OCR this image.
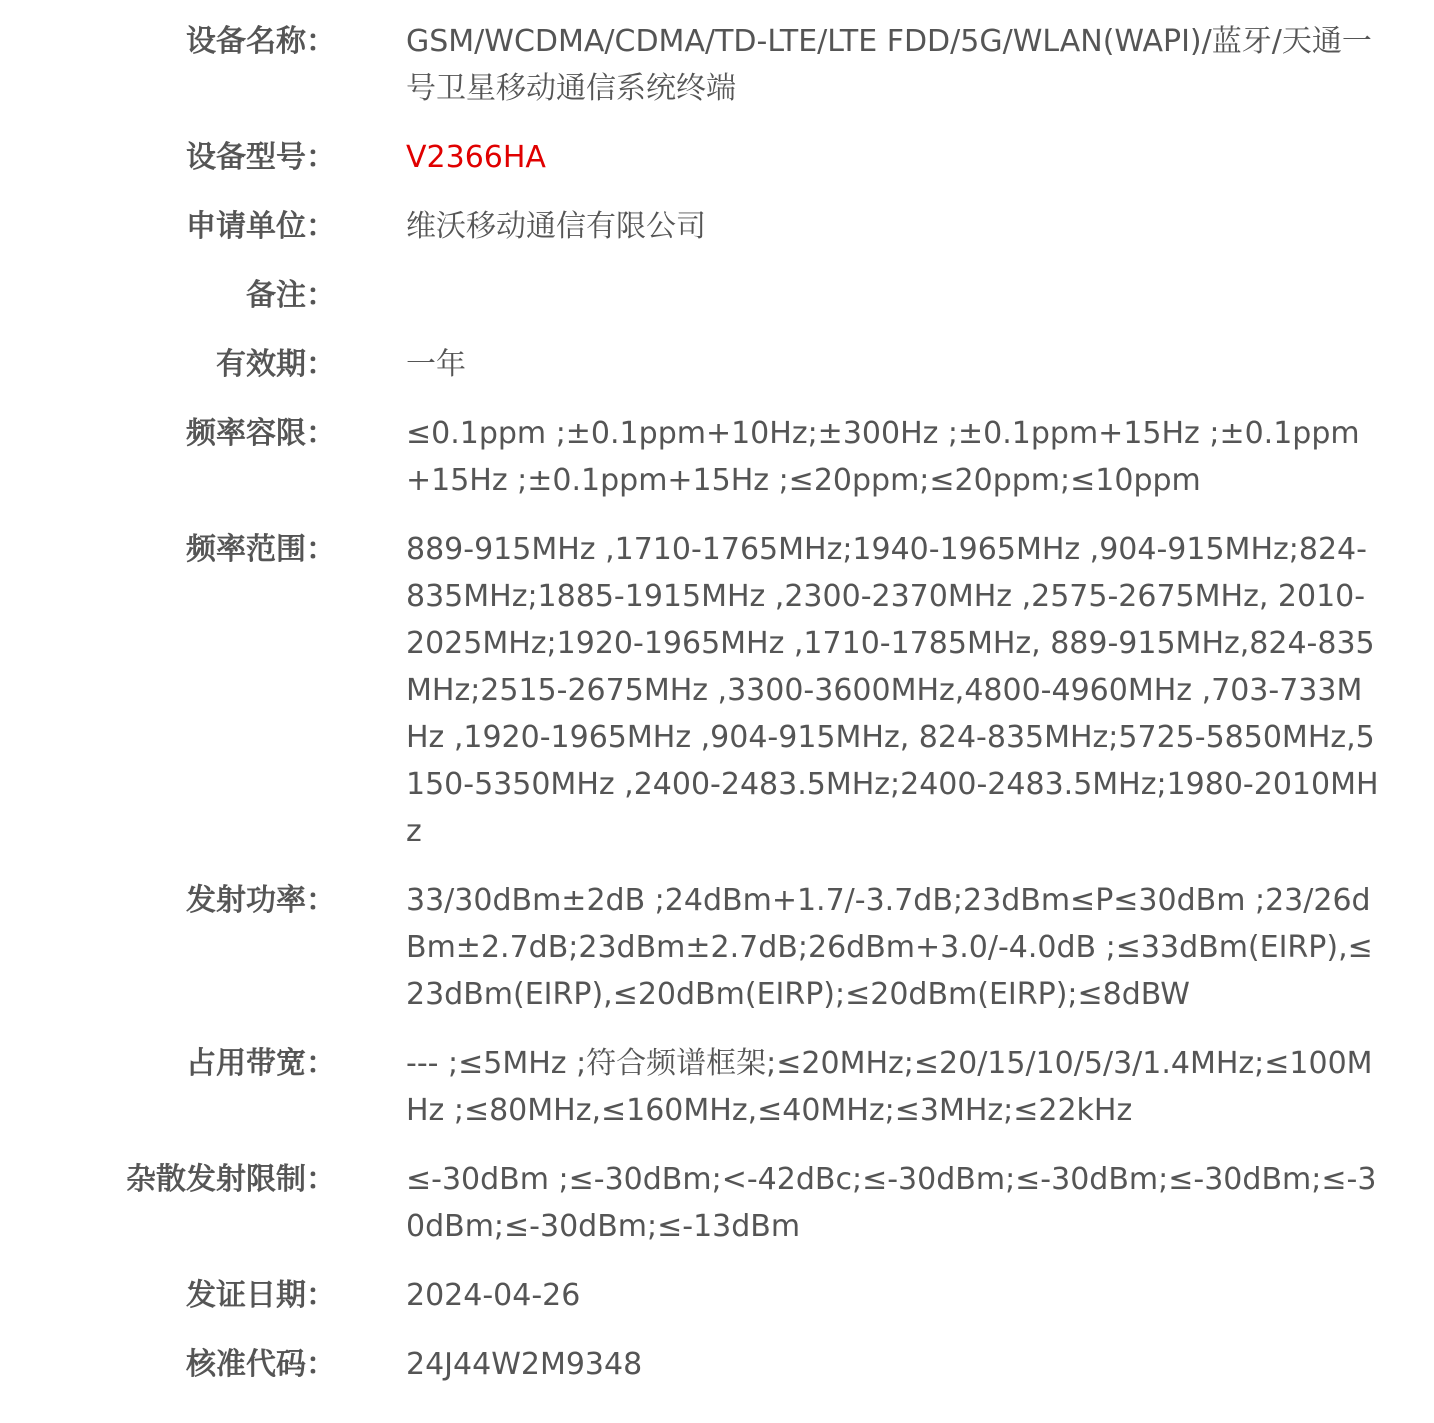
设备名称： GSM/WCDMA/CDMA/TD-LTE/LTE FDD/5G/WLAN(WAPI)/蓝牙/天通一号卫星移动通信系统终端
设备型号： V2366HA
申请单位： 维沃移动通信有限公司
备注：
有效期： 一年
频率容限： ≤0.1ppm ;±0.1ppm+10Hz;±300Hz ;±0.1ppm+15Hz ;±0.1ppm+15Hz ;±0.1ppm+15Hz ;≤20ppm;≤20ppm;≤10ppm
频率范围： 889-915MHz ,1710-1765MHz;1940-1965MHz ,904-915MHz;824-835MHz;1885-1915MHz ,2300-2370MHz ,2575-2675MHz, 2010-2025MHz;1920-1965MHz ,1710-1785MHz, 889-915MHz,824-835MHz;2515-2675MHz ,3300-3600MHz,4800-4960MHz ,703-733MHz ,1920-1965MHz ,904-915MHz, 824-835MHz;5725-5850MHz,5150-5350MHz ,2400-2483.5MHz;2400-2483.5MHz;1980-2010MHz
发射功率： 33/30dBm±2dB ;24dBm+1.7/-3.7dB;23dBm≤P≤30dBm ;23/26dBm±2.7dB;23dBm±2.7dB;26dBm+3.0/-4.0dB ;≤33dBm(EIRP),≤23dBm(EIRP),≤20dBm(EIRP);≤20dBm(EIRP);≤8dBW
占用带宽： --- ;≤5MHz ;符合频谱框架;≤20MHz;≤20/15/10/5/3/1.4MHz;≤100MHz ;≤80MHz,≤160MHz,≤40MHz;≤3MHz;≤22kHz
杂散发射限制： ≤-30dBm ;≤-30dBm;<-42dBc;≤-30dBm;≤-30dBm;≤-30dBm;≤-30dBm;≤-30dBm;≤-13dBm
发证日期： 2024-04-26
核准代码： 24J44W2M9348
